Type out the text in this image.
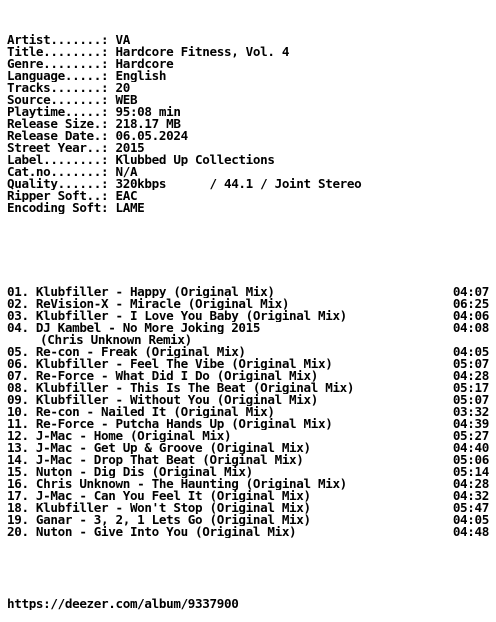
Artist.......: VA
Title........: Hardcore Fitness, Vol. 4
Genre........: Hardcore
Language.....: English
Tracks.......: 20
Source.......: WEB
Playtime.....: 95:08 min
Release Size.: 218.17 MB
Release Date.: 06.05.2024
Street Year..: 2015
Label........: Klubbed Up Collections
Cat.no.......: N/A
Quality......: 320kbps      / 44.1 / Joint Stereo
Ripper Soft..: EAC
Encoding Soft: LAME

01. Klubfiller - Happy (Original Mix)	04:07
02. ReVision-X - Miracle (Original Mix)	06:25
03. Klubfiller - I Love You Baby (Original Mix)	04:06
04. DJ Kambel - No More Joking 2015	04:08
(Chris Unknown Remix)
05. Re-con - Freak (Original Mix)	04:05
06. Klubfiller - Feel The Vibe (Original Mix)	05:07
07. Re-Force - What Did I Do (Original Mix)	04:28
08. Klubfiller - This Is The Beat (Original Mix)	05:17
09. Klubfiller - Without You (Original Mix)	05:07
10. Re-con - Nailed It (Original Mix)	03:32
11. Re-Force - Putcha Hands Up (Original Mix)	04:39
12. J-Mac - Home (Original Mix)	05:27
13. J-Mac - Get Up & Groove (Original Mix)	04:40
14. J-Mac - Drop That Beat (Original Mix)	05:06
15. Nuton - Dig Dis (Original Mix)	05:14
16. Chris Unknown - The Haunting (Original Mix)	04:28
17. J-Mac - Can You Feel It (Original Mix)	04:32
18. Klubfiller - Won't Stop (Original Mix)	05:47
19. Ganar - 3, 2, 1 Lets Go (Original Mix)	04:05
20. Nuton - Give Into You (Original Mix)	04:48

https://deezer.com/album/9337900
